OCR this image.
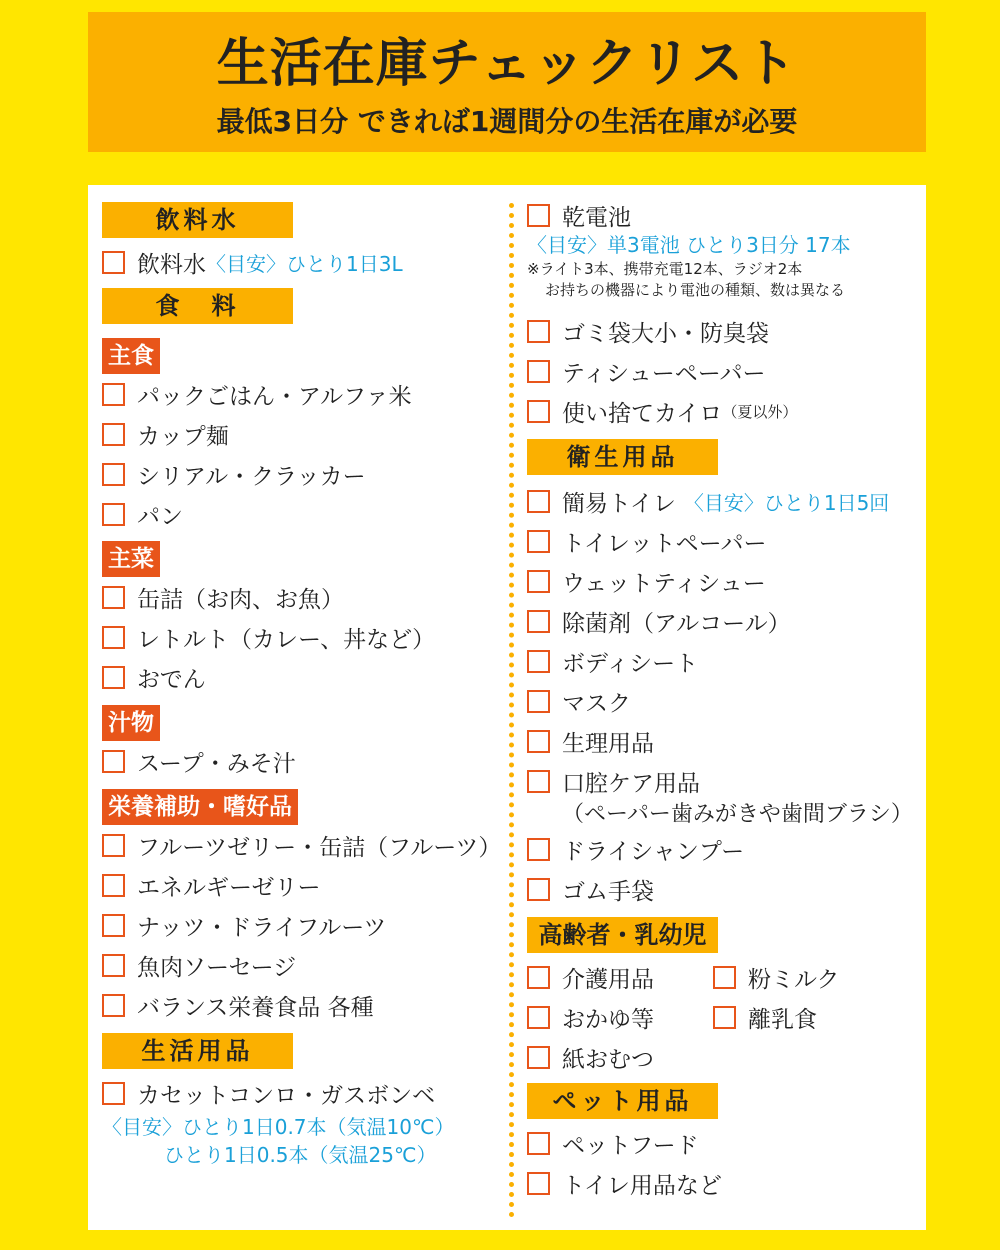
生活在庫チェックリスト
最低3日分 できれば1週間分の生活在庫が必要
飲料水
飲料水 〈目安〉ひとり1日3L
食　料
主食
パックごはん・アルファ米
カップ麺
シリアル・クラッカー
パン
主菜
缶詰（お肉、お魚）
レトルト（カレー、丼など）
おでん
汁物
スープ・みそ汁
栄養補助・嗜好品
フルーツゼリー・缶詰（フルーツ）
エネルギーゼリー
ナッツ・ドライフルーツ
魚肉ソーセージ
バランス栄養食品 各種
生活用品
カセットコンロ・ガスボンベ
〈目安〉ひとり1日0.7本（気温10℃）
ひとり1日0.5本（気温25℃）
乾電池
〈目安〉単3電池 ひとり3日分 17本
※ライト3本、携帯充電12本、ラジオ2本
お持ちの機器により電池の種類、数は異なる
ゴミ袋大小・防臭袋
ティシューペーパー
使い捨てカイロ （夏以外）
衛生用品
簡易トイレ 〈目安〉ひとり1日5回
トイレットペーパー
ウェットティシュー
除菌剤（アルコール）
ボディシート
マスク
生理用品
口腔ケア用品
（ペーパー歯みがきや歯間ブラシ）
ドライシャンプー
ゴム手袋
高齢者・乳幼児
介護用品	粉ミルク
おかゆ等	離乳食
紙おむつ
ペット用品
ペットフード
トイレ用品など
